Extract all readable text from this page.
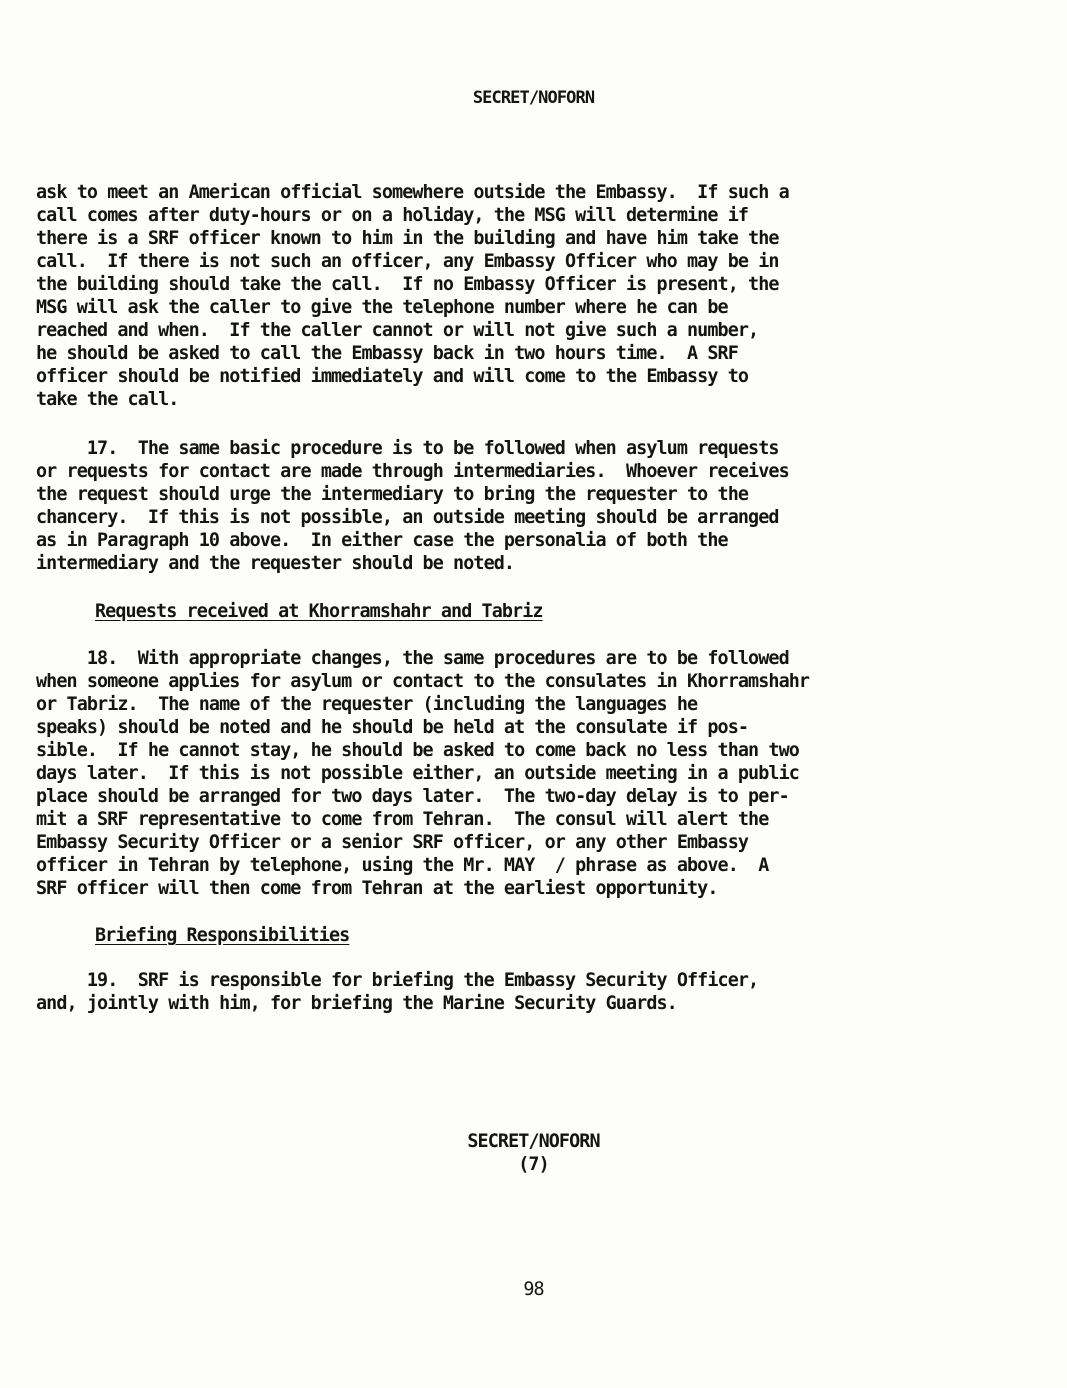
SECRET/NOFORN
ask to meet an American official somewhere outside the Embassy.  If such a
call comes after duty-hours or on a holiday, the MSG will determine if
there is a SRF officer known to him in the building and have him take the
call.  If there is not such an officer, any Embassy Officer who may be in
the building should take the call.  If no Embassy Officer is present, the
MSG will ask the caller to give the telephone number where he can be
reached and when.  If the caller cannot or will not give such a number,
he should be asked to call the Embassy back in two hours time.  A SRF
officer should be notified immediately and will come to the Embassy to
take the call.
17.  The same basic procedure is to be followed when asylum requests
or requests for contact are made through intermediaries.  Whoever receives
the request should urge the intermediary to bring the requester to the
chancery.  If this is not possible, an outside meeting should be arranged
as in Paragraph 10 above.  In either case the personalia of both the
intermediary and the requester should be noted.
Requests received at Khorramshahr and Tabriz
18.  With appropriate changes, the same procedures are to be followed
when someone applies for asylum or contact to the consulates in Khorramshahr
or Tabriz.  The name of the requester (including the languages he
speaks) should be noted and he should be held at the consulate if pos-
sible.  If he cannot stay, he should be asked to come back no less than two
days later.  If this is not possible either, an outside meeting in a public
place should be arranged for two days later.  The two-day delay is to per-
mit a SRF representative to come from Tehran.  The consul will alert the
Embassy Security Officer or a senior SRF officer, or any other Embassy
officer in Tehran by telephone, using the Mr. MAY  / phrase as above.  A
SRF officer will then come from Tehran at the earliest opportunity.
Briefing Responsibilities
19.  SRF is responsible for briefing the Embassy Security Officer,
and, jointly with him, for briefing the Marine Security Guards.
SECRET/NOFORN
(7)
98
